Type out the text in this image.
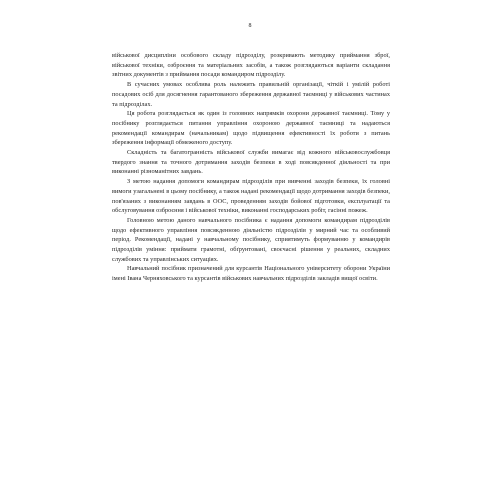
8

військової дисципліни особового складу підрозділу, розкривають методику приймання зброї, військової техніки, озброєння та матеріальних засобів, а також розглядаються варіанти складання звітних документів з приймання посади командиром підрозділу.

В сучасних умовах особлива роль належить правильній організації, чіткій і умілій роботі посадових осіб для досягнення гарантованого збереження державної таємниці у військових частинах та підрозділах.

Ця робота розглядається як один із головних напрямків охорони державної таємниці. Тому у посібнику розглядається питання управління охороною державної таємниці та надаються рекомендації командирам (начальникам) щодо підвищення ефективності їх роботи з питань збереження інформації обмеженого доступу.

Складність та багатогранність військової служби вимагає від кожного військовослужбовця твердого знання та точного дотримання заходів безпеки в ході повсякденної діяльності та при виконанні різноманітних завдань.

З метою надання допомоги командирам підрозділів при вивченні заходів безпеки, їх головні вимоги узагальнені в цьому посібнику, а також надані рекомендації щодо дотримання заходів безпеки, пов'язаних з виконанням завдань в ООС, проведенням заходів бойової підготовки, експлуатації та обслуговування озброєння і військової техніки, виконанні господарських робіт, гасінні пожеж.

Головною метою даного навчального посібника є надання допомоги командирам підрозділів щодо ефективного управління повсякденною діяльністю підрозділів у мирний час та особливий період. Рекомендації, надані у навчальному посібнику, сприятимуть формуванню у командирів підрозділів уміння: приймати грамотні, обґрунтовані, своєчасні рішення у реальних, складних службових та управлінських ситуаціях.

Навчальний посібник призначений для курсантів Національного університету оборони України імені Івана Черняховського та курсантів військових навчальних підрозділів закладів вищої освіти.
